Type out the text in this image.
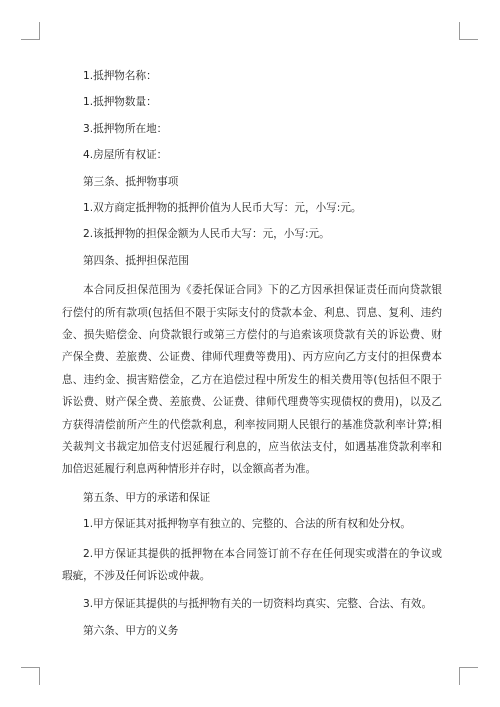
1.抵押物名称：

1.抵押物数量：

3.抵押物所在地：

4.房屋所有权证：

第三条、抵押物事项

1.双方商定抵押物的抵押价值为人民币大写：元，小写:元。

2.该抵押物的担保金额为人民币大写：元，小写:元。

第四条、抵押担保范围

本合同反担保范围为《委托保证合同》下的乙方因承担保证责任而向贷款银行偿付的所有款项(包括但不限于实际支付的贷款本金、利息、罚息、复利、违约金、损失赔偿金、向贷款银行或第三方偿付的与追索该项贷款有关的诉讼费、财产保全费、差旅费、公证费、律师代理费等费用)、丙方应向乙方支付的担保费本息、违约金、损害赔偿金，乙方在追偿过程中所发生的相关费用等(包括但不限于诉讼费、财产保全费、差旅费、公证费、律师代理费等实现债权的费用)，以及乙方获得清偿前所产生的代偿款利息，利率按同期人民银行的基准贷款利率计算;相关裁判文书裁定加倍支付迟延履行利息的，应当依法支付，如遇基准贷款利率和加倍迟延履行利息两种情形并存时，以金额高者为准。

第五条、甲方的承诺和保证

1.甲方保证其对抵押物享有独立的、完整的、合法的所有权和处分权。

2.甲方保证其提供的抵押物在本合同签订前不存在任何现实或潜在的争议或瑕疵，不涉及任何诉讼或仲裁。

3.甲方保证其提供的与抵押物有关的一切资料均真实、完整、合法、有效。

第六条、甲方的义务
